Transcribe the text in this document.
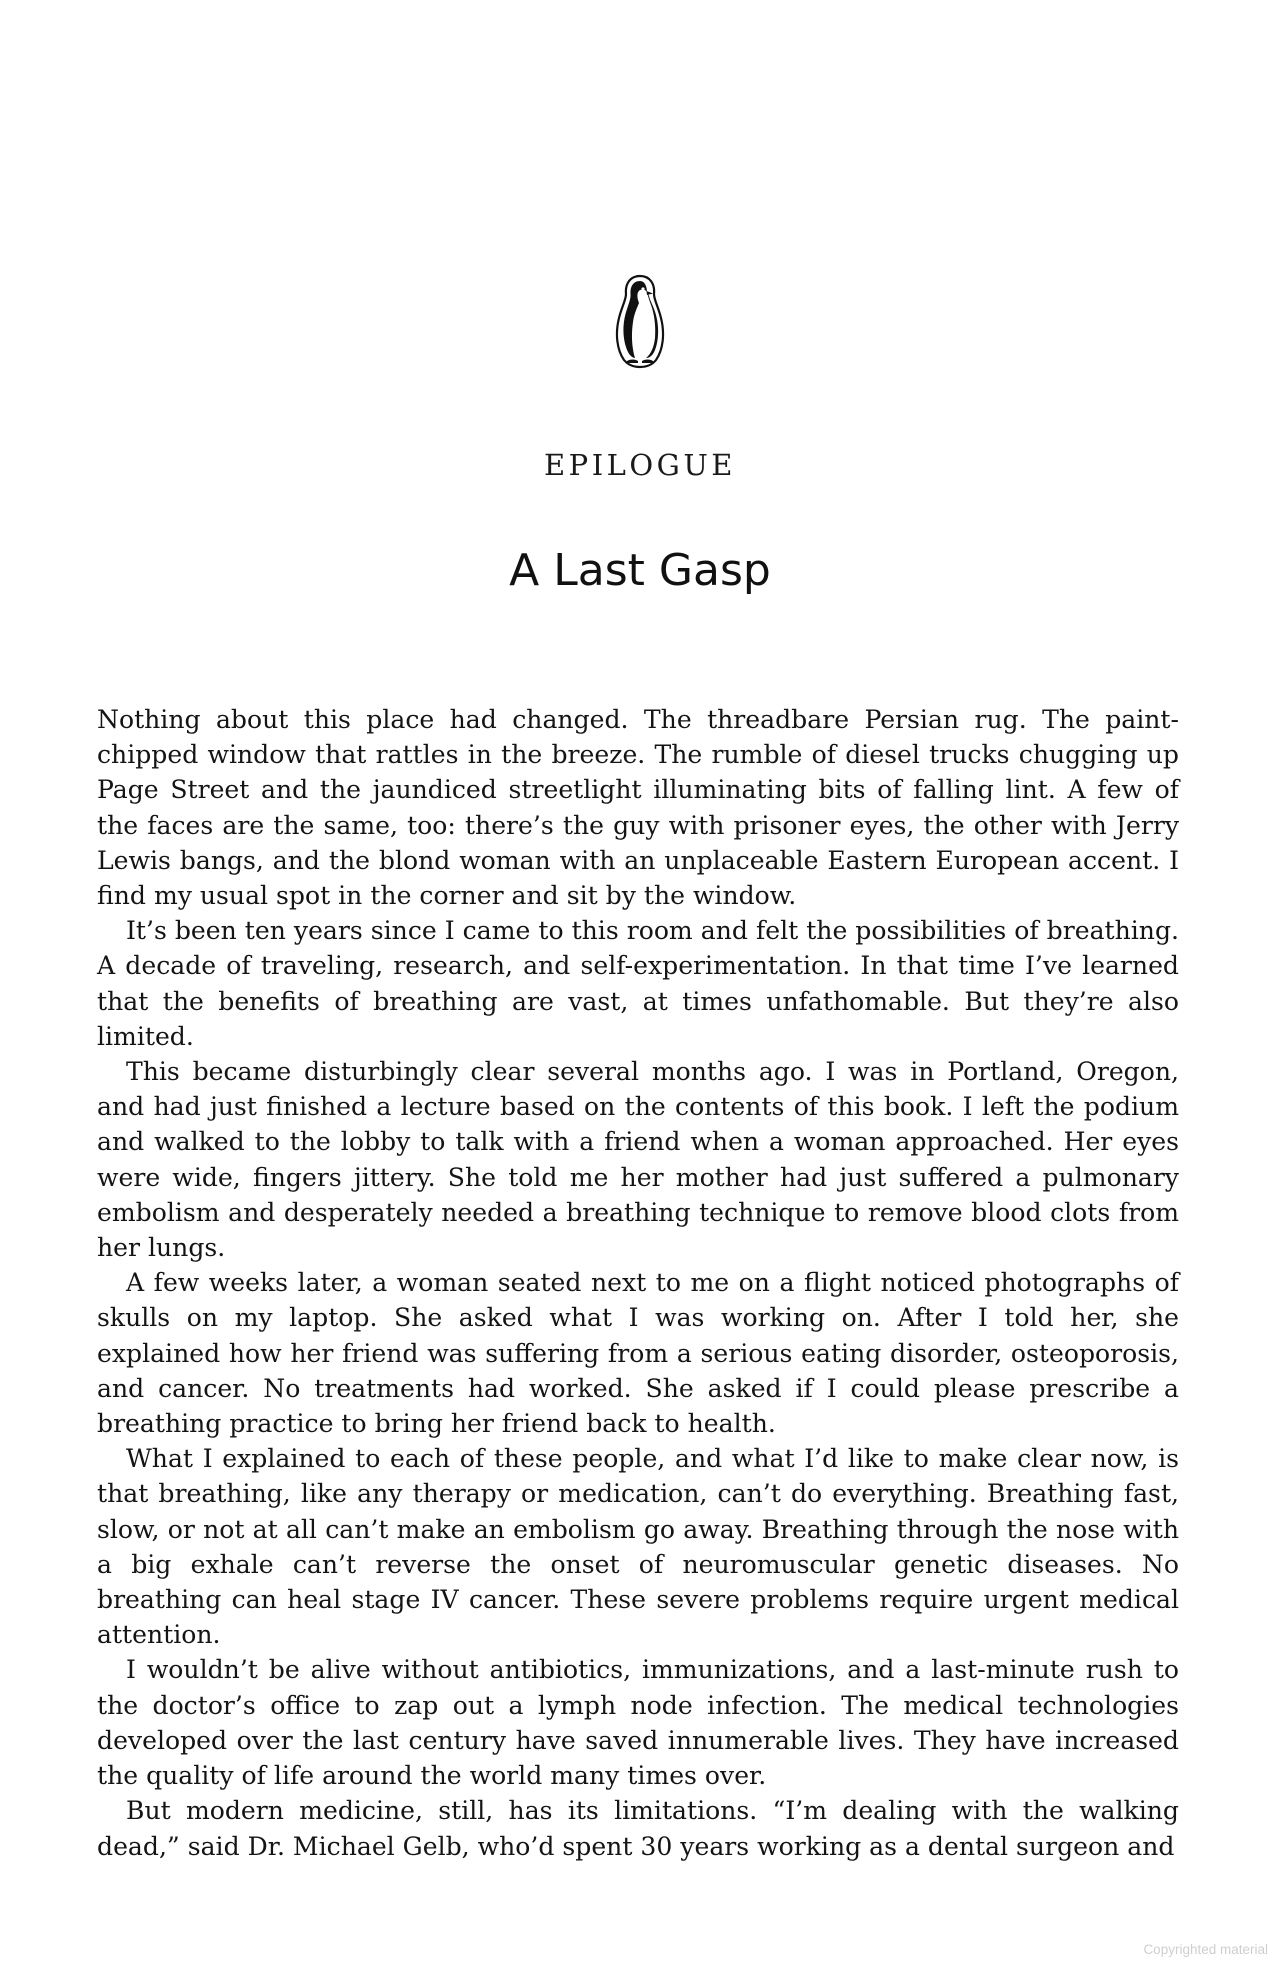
EPILOGUE
A Last Gasp

Nothing about this place had changed. The threadbare Persian rug. The paint-chipped window that rattles in the breeze. The rumble of diesel trucks chugging up Page Street and the jaundiced streetlight illuminating bits of falling lint. A few of the faces are the same, too: there’s the guy with prisoner eyes, the other with Jerry Lewis bangs, and the blond woman with an unplaceable Eastern European accent. I find my usual spot in the corner and sit by the window.

It’s been ten years since I came to this room and felt the possibilities of breathing. A decade of traveling, research, and self-experimentation. In that time I’ve learned that the benefits of breathing are vast, at times unfathomable. But they’re also limited.

This became disturbingly clear several months ago. I was in Portland, Oregon, and had just finished a lecture based on the contents of this book. I left the podium and walked to the lobby to talk with a friend when a woman approached. Her eyes were wide, fingers jittery. She told me her mother had just suffered a pulmonary embolism and desperately needed a breathing technique to remove blood clots from her lungs.

A few weeks later, a woman seated next to me on a flight noticed photographs of skulls on my laptop. She asked what I was working on. After I told her, she explained how her friend was suffering from a serious eating disorder, osteoporosis, and cancer. No treatments had worked. She asked if I could please prescribe a breathing practice to bring her friend back to health.

What I explained to each of these people, and what I’d like to make clear now, is that breathing, like any therapy or medication, can’t do everything. Breathing fast, slow, or not at all can’t make an embolism go away. Breathing through the nose with a big exhale can’t reverse the onset of neuromuscular genetic diseases. No breathing can heal stage IV cancer. These severe problems require urgent medical attention.

I wouldn’t be alive without antibiotics, immunizations, and a last-minute rush to the doctor’s office to zap out a lymph node infection. The medical technologies developed over the last century have saved innumerable lives. They have increased the quality of life around the world many times over.

But modern medicine, still, has its limitations. “I’m dealing with the walking dead,” said Dr. Michael Gelb, who’d spent 30 years working as a dental surgeon and

Copyrighted material
